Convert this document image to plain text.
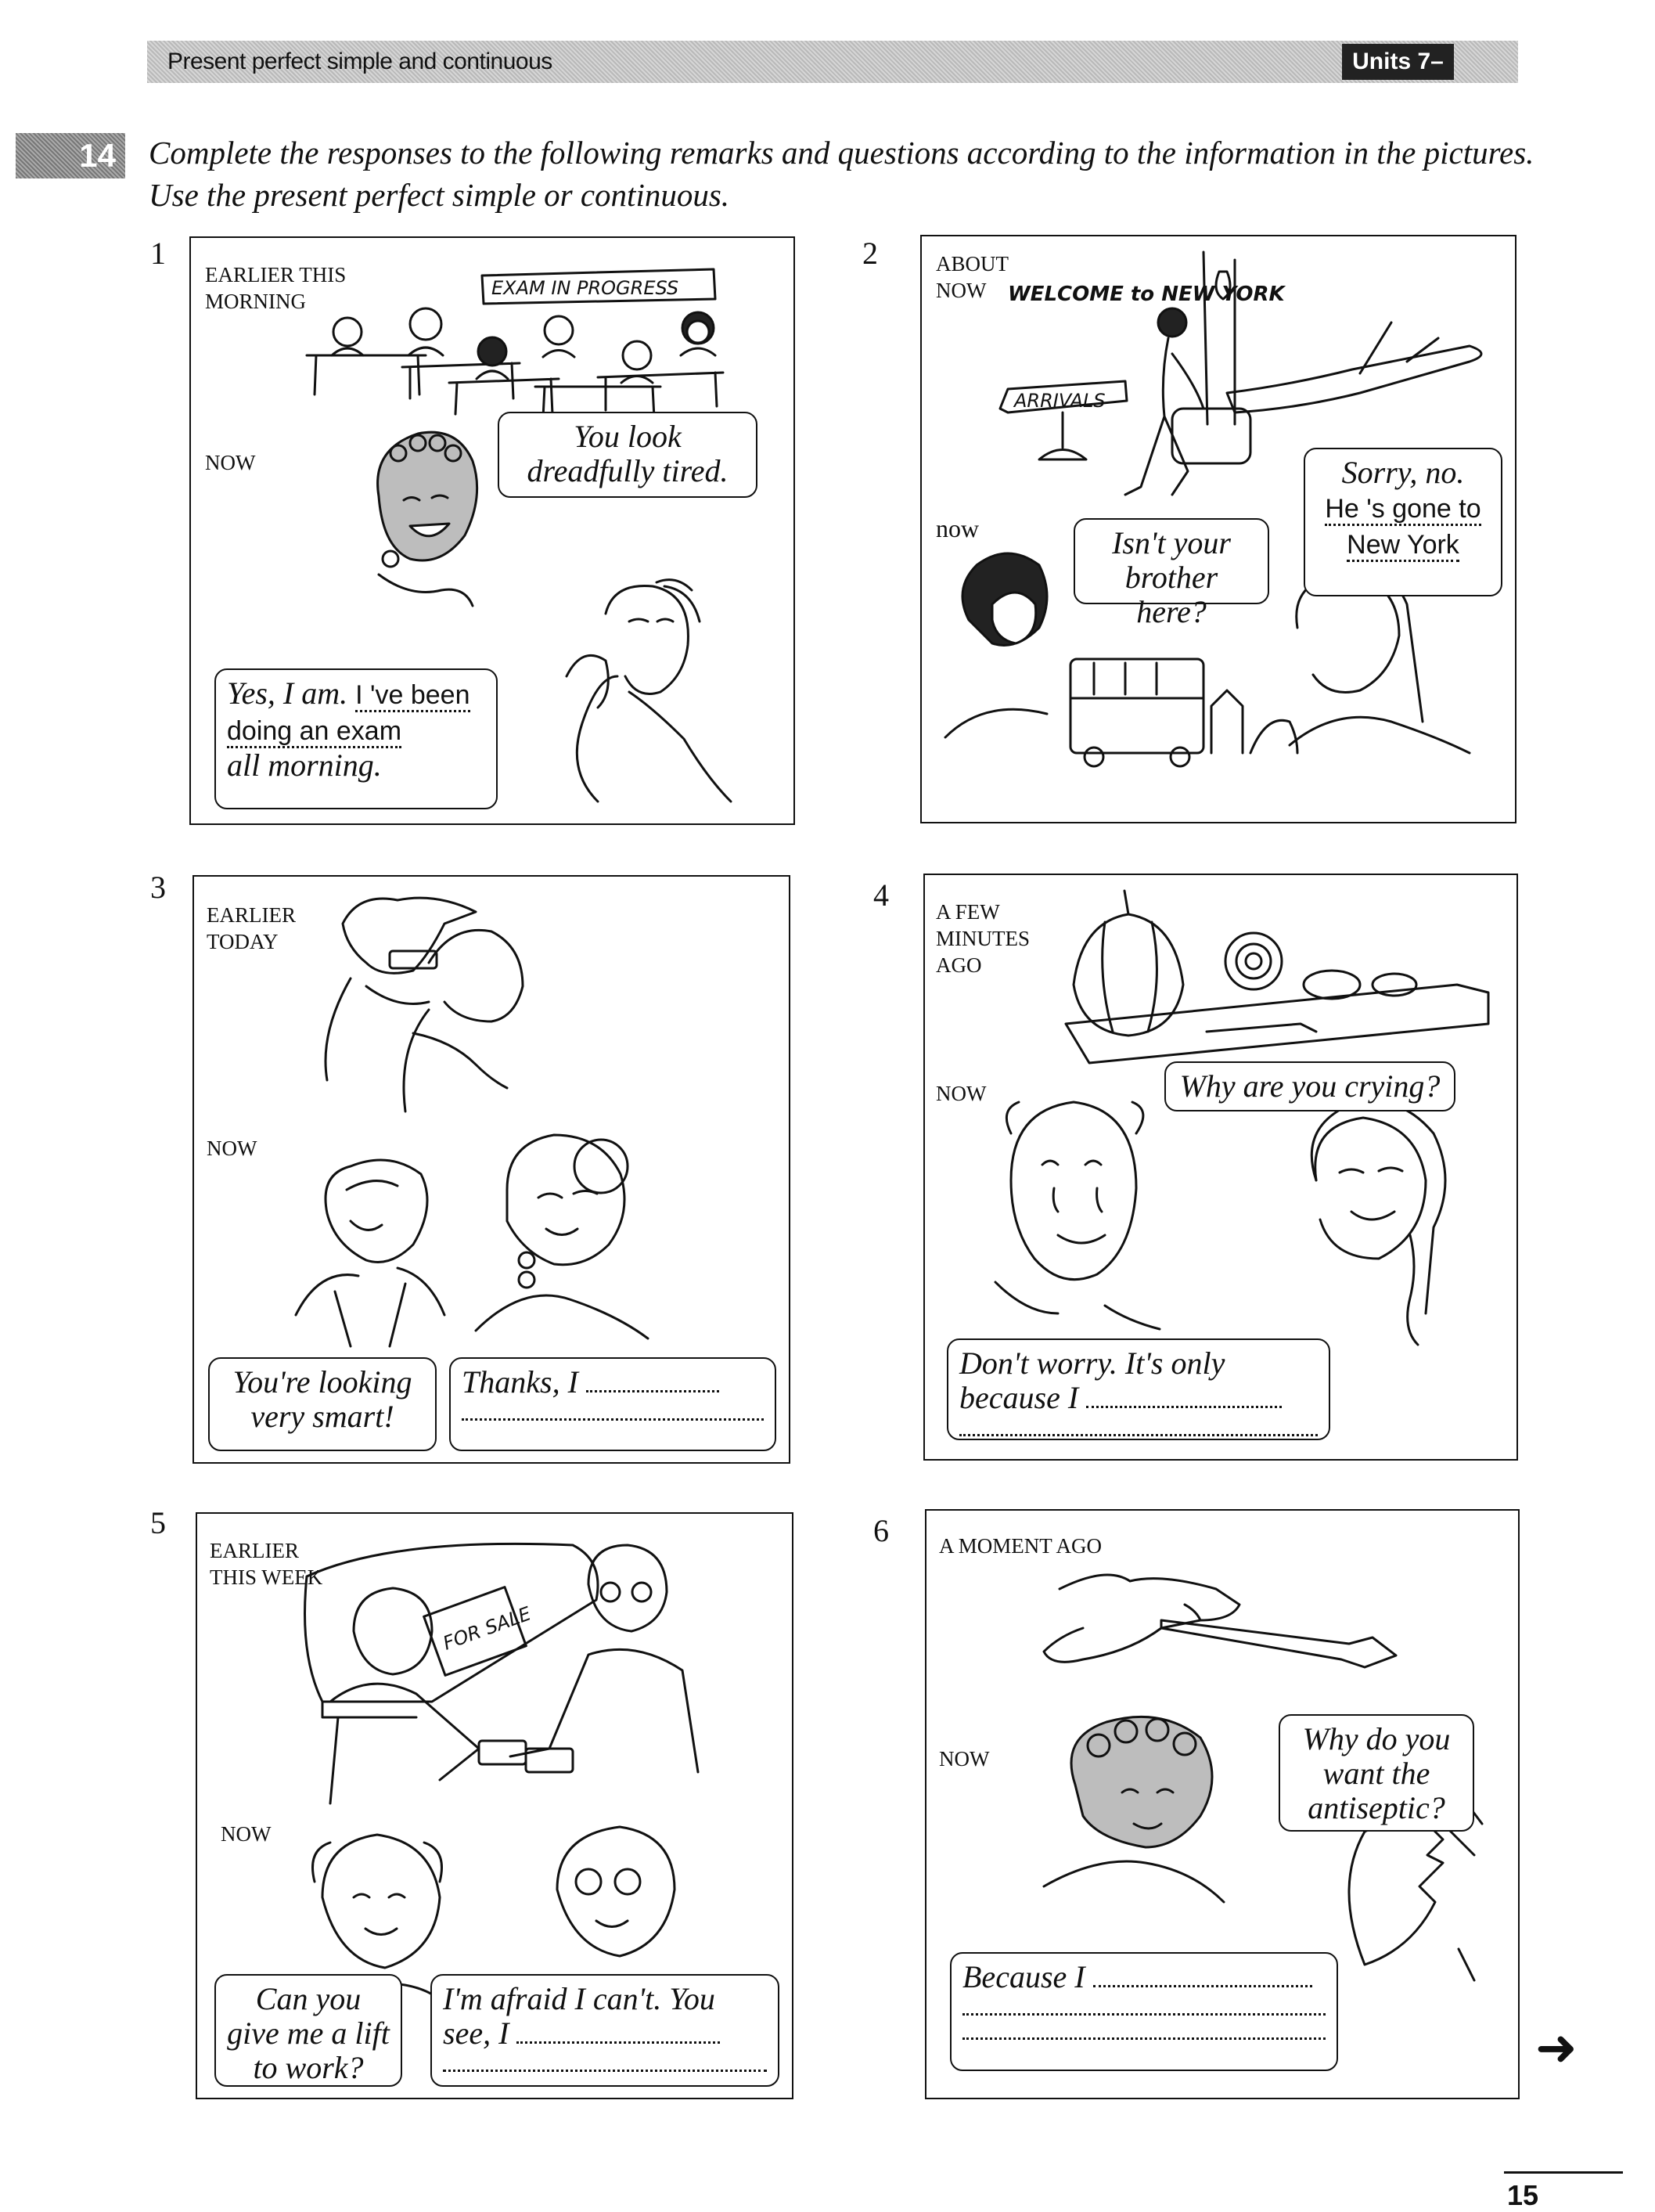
Present perfect simple and continuous	Units 7–12
14 Complete the responses to the following remarks and questions according to the information in the pictures. Use the present perfect simple or continuous.
1
EARLIER THIS MORNING
NOW
EXAM IN PROGRESS
You look dreadfully tired.
Yes, I am. I 've been
doing an exam
all morning.
2	ABOUT NOW
now
WELCOME to NEW YORK
ARRIVALS
Isn't your brother here?
Sorry, no.
He 's gone to
New York
3
EARLIER TODAY
NOW
You're looking very smart!
Thanks, I
4 A FEW MINUTES AGO
NOW	Why are you crying?
Don't worry. It's only because I
5
EARLIER THIS WEEK
NOW
FOR SALE
Can you give me a lift to work?
I'm afraid I can't. You see, I
6 A MOMENT AGO
NOW
Why do you want the antiseptic?
Because I
➜
15
